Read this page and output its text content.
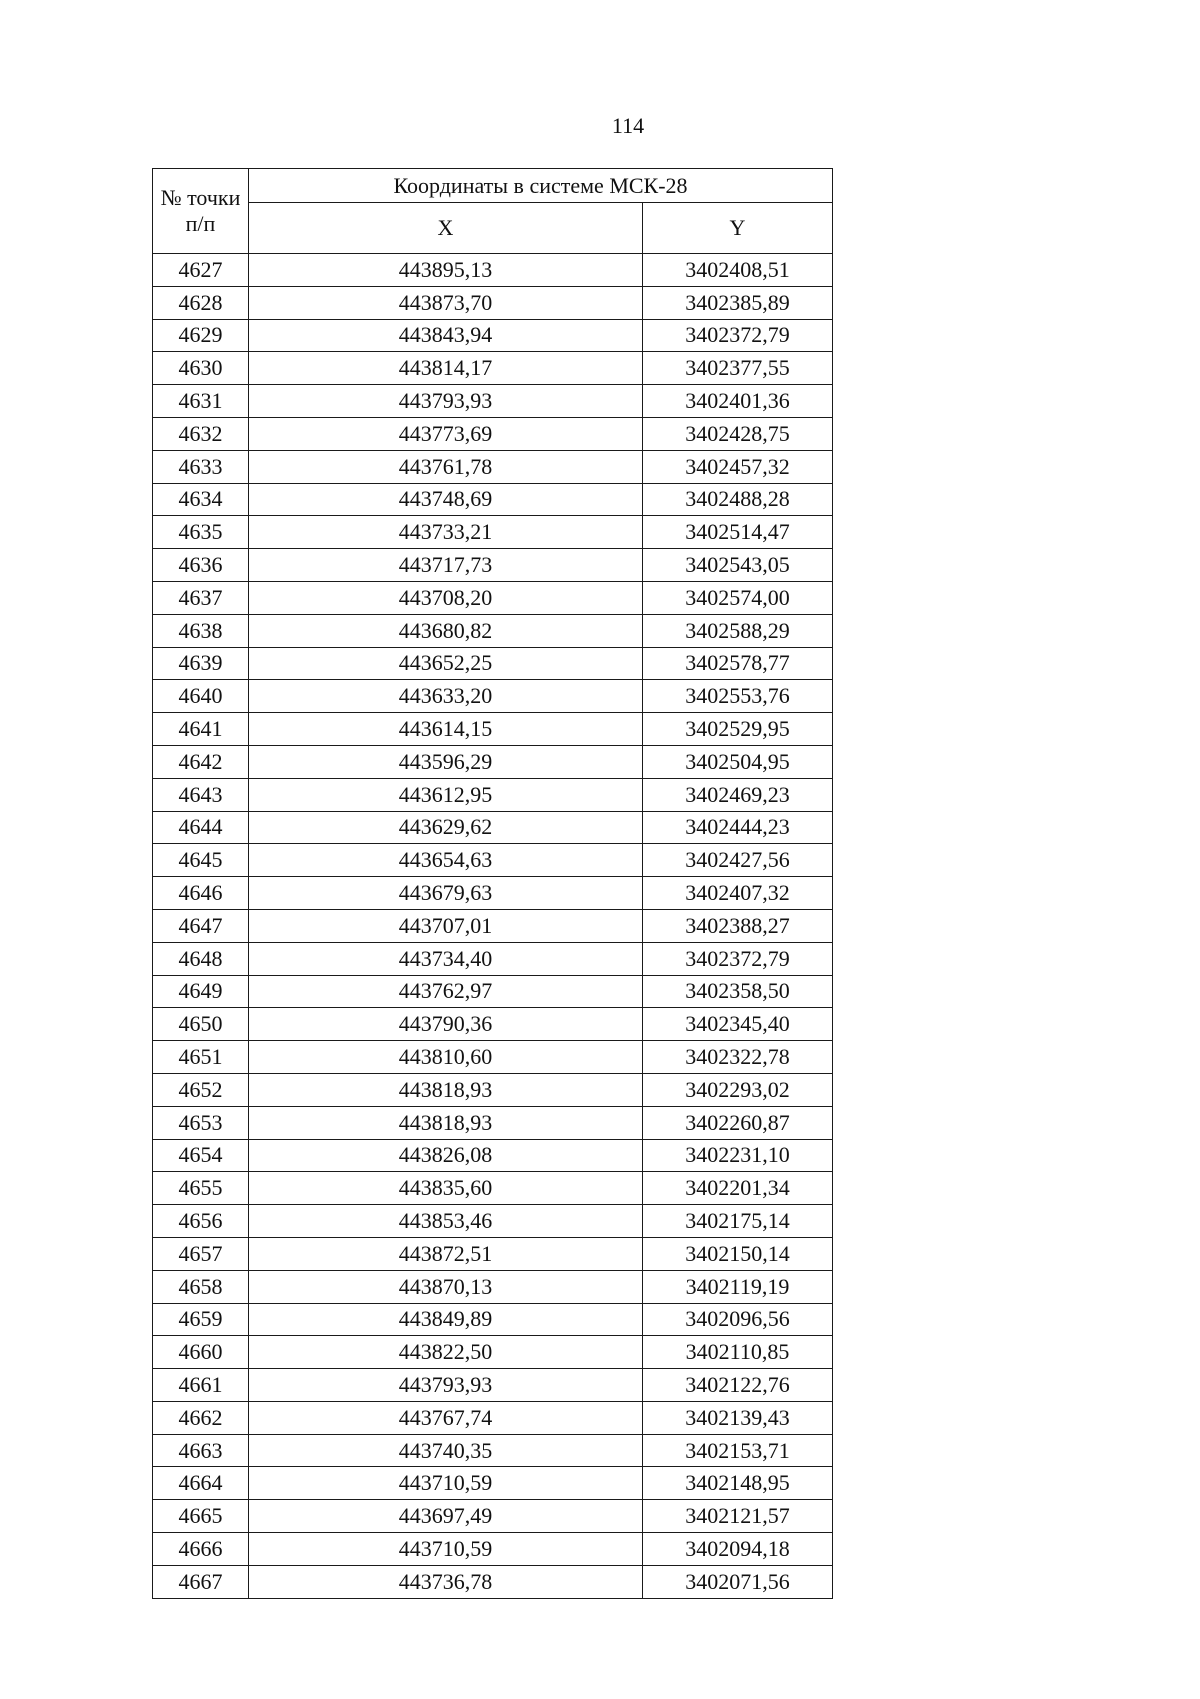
114
№ точки п/п	Координаты в системе МСК-28	
	X	Y
4627	443895,13	3402408,51
4628	443873,70	3402385,89
4629	443843,94	3402372,79
4630	443814,17	3402377,55
4631	443793,93	3402401,36
4632	443773,69	3402428,75
4633	443761,78	3402457,32
4634	443748,69	3402488,28
4635	443733,21	3402514,47
4636	443717,73	3402543,05
4637	443708,20	3402574,00
4638	443680,82	3402588,29
4639	443652,25	3402578,77
4640	443633,20	3402553,76
4641	443614,15	3402529,95
4642	443596,29	3402504,95
4643	443612,95	3402469,23
4644	443629,62	3402444,23
4645	443654,63	3402427,56
4646	443679,63	3402407,32
4647	443707,01	3402388,27
4648	443734,40	3402372,79
4649	443762,97	3402358,50
4650	443790,36	3402345,40
4651	443810,60	3402322,78
4652	443818,93	3402293,02
4653	443818,93	3402260,87
4654	443826,08	3402231,10
4655	443835,60	3402201,34
4656	443853,46	3402175,14
4657	443872,51	3402150,14
4658	443870,13	3402119,19
4659	443849,89	3402096,56
4660	443822,50	3402110,85
4661	443793,93	3402122,76
4662	443767,74	3402139,43
4663	443740,35	3402153,71
4664	443710,59	3402148,95
4665	443697,49	3402121,57
4666	443710,59	3402094,18
4667	443736,78	3402071,56
